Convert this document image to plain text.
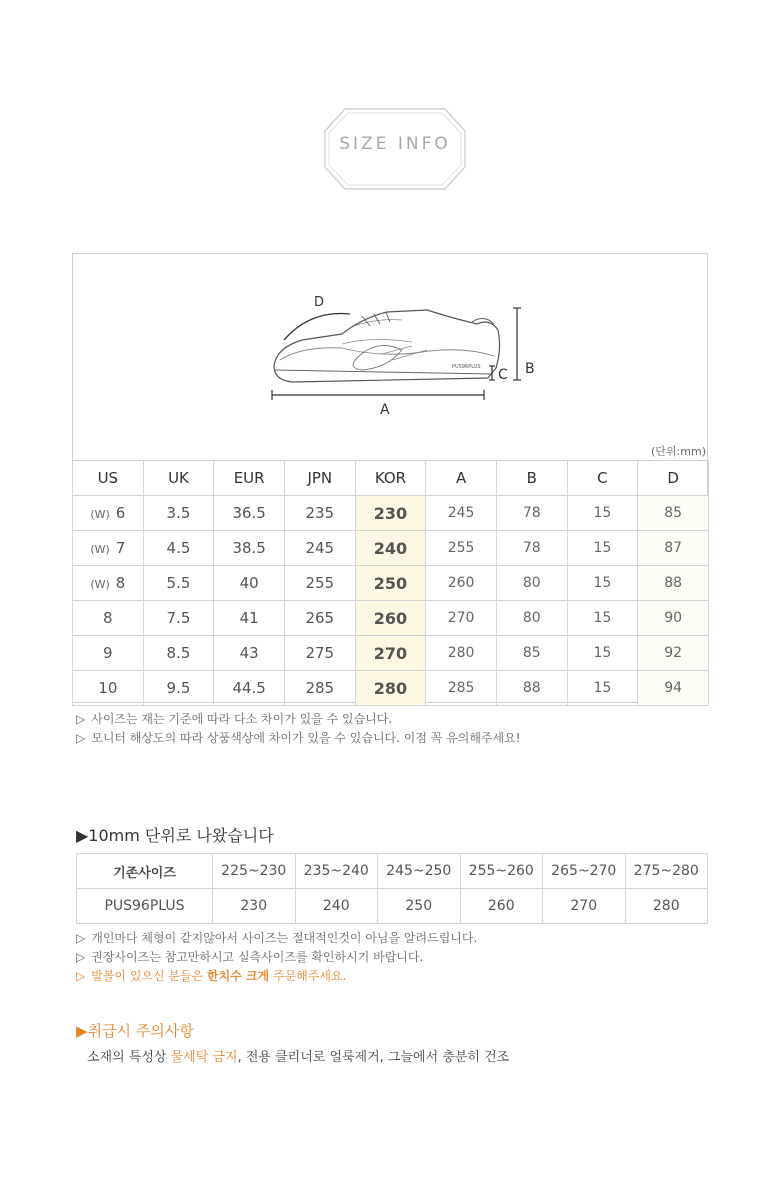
SIZE INFO
D
PUS96PLUS	B
C
A
(단위:mm)
US	UK	EUR	JPN	KOR	A	B	C	D
(W) 6	3.5	36.5	235	230	245	78	15	85
(W) 7	4.5	38.5	245	240	255	78	15	87
(W) 8	5.5	40	255	250	260	80	15	88
8	7.5	41	265	260	270	80	15	90
9	8.5	43	275	270	280	85	15	92
10	9.5	44.5	285	280	285	88	15	94
▷ 사이즈는 재는 기준에 따라 다소 차이가 있을 수 있습니다.
▷ 모니터 해상도의 따라 상품색상에 차이가 있을 수 있습니다. 이점 꼭 유의해주세요!
▶10mm 단위로 나왔습니다
기존사이즈	225~230	235~240	245~250	255~260	265~270	275~280
PUS96PLUS	230	240	250	260	270	280
▷ 개인마다 체형이 같지않아서 사이즈는 절대적인것이 아님을 알려드립니다.
▷ 권장사이즈는 참고만하시고 실측사이즈를 확인하시기 바랍니다.
▷ 발볼이 있으신 분들은 한치수 크게 주문해주세요.
▶취급시 주의사항
소재의 특성상 물세탁 금지, 전용 클리너로 얼룩제거, 그늘에서 충분히 건조
